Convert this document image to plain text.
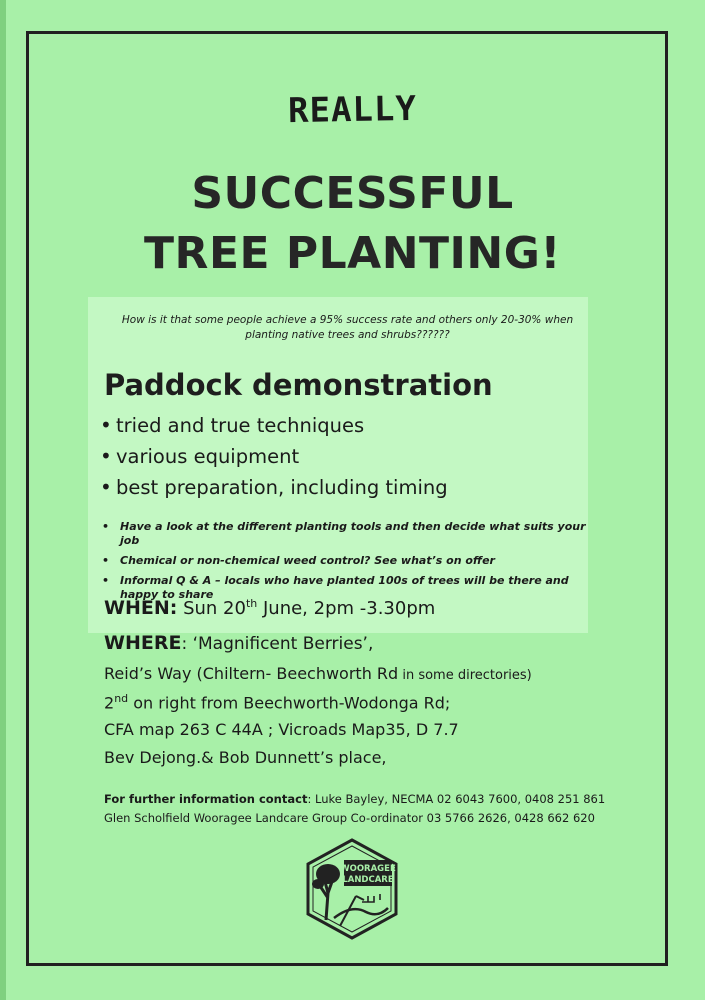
REALLY
SUCCESSFUL
TREE PLANTING!
How is it that some people achieve a 95% success rate and others only 20-30% when planting native trees and shrubs??????
Paddock demonstration
• tried and true techniques
• various equipment
• best preparation, including timing
• Have a look at the different planting tools and then decide what suits your job
• Chemical or non-chemical weed control? See what’s on offer
• Informal Q & A – locals who have planted 100s of trees will be there and happy to share
WHEN: Sun 20th June, 2pm -3.30pm
WHERE: ‘Magnificent Berries’,
Reid’s Way (Chiltern- Beechworth Rd in some directories)
2nd on right from Beechworth-Wodonga Rd;
CFA map 263 C 44A ; Vicroads Map35, D 7.7
Bev Dejong.& Bob Dunnett’s place,
For further information contact: Luke Bayley, NECMA 02 6043 7600, 0408 251 861
Glen Scholfield Wooragee Landcare Group Co-ordinator 03 5766 2626, 0428 662 620
WOORAGEE
LANDCARE
